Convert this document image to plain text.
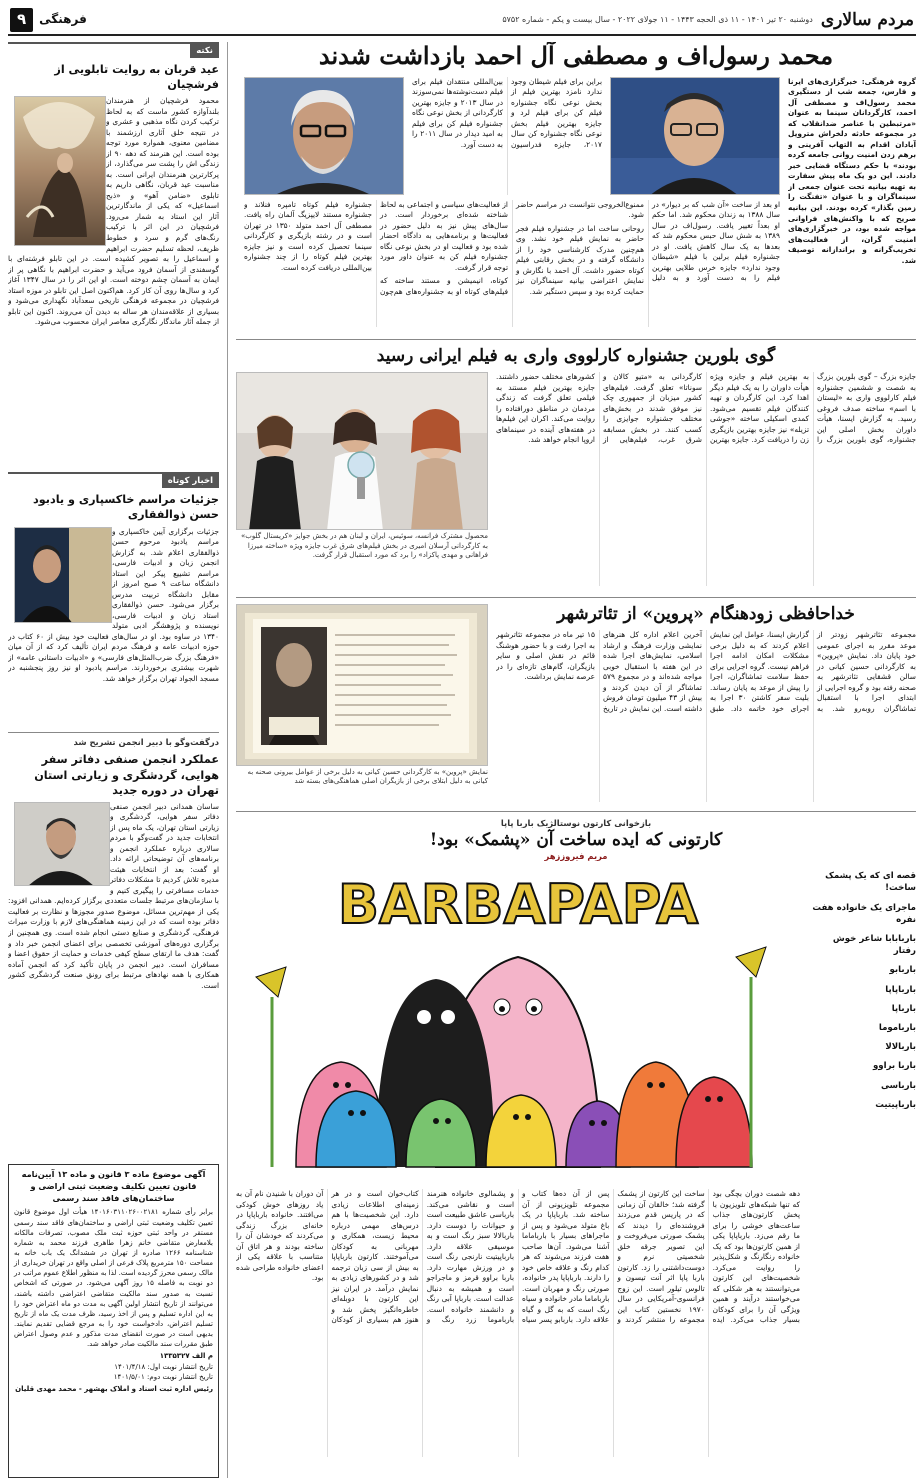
مردم سالاری
دوشنبه ۲۰ تیر ۱۴۰۱ - ۱۱ ذی الحجه ۱۴۴۳ - ۱۱ جولای ۲۰۲۲ - سال بیست و یکم - شماره ۵۷۵۲
فرهنگی
۹
محمد رسول‌اف و مصطفی آل احمد بازداشت شدند

گروه فرهنگی: خبرگزاری‌های ایرنا و فارس، جمعه شب از دستگیری محمد رسول‌اف و مصطفی آل احمد، کارگردانان سینما به عنوان «مرتبطین با عناصر ضدانقلاب که در مجموعه حادثه دلخراش متروپل آبادان اقدام به التهاب آفرینی و برهم زدن امنیت روانی جامعه کرده بودند» با حکم دستگاه قضایی خبر دادند. این دو یک ماه پیش سفارت به تهیه بیانیه تحت عنوان جمعی از سینماگران و با عنوان «تفنگت را زمین بگذار» کرده بودند. این بیانیه صریح که با واکنش‌های فراوانی مواجه شده بود، در خبرگزاری‌های امنیت گران، از فعالیت‌های تخریب‌گرانه و براندازانه توصیف شد.

براین برای فیلم شیطان وجود ندارد نامزد بهترین فیلم از بخش نوعی نگاه جشنواره فیلم کن برای فیلم لرد و جایزه بهترین فیلم بخش نوعی نگاه جشنواره کن سال ۲۰۱۷، جایزه فدراسیون بین‌المللی منتقدان فیلم برای فیلم دست‌نوشته‌ها نمی‌سوزند در سال ۲۰۱۳ و جایزه بهترین کارگردانی از بخش نوعی نگاه جشنواره فیلم کن برای فیلم به امید دیدار در سال ۲۰۱۱ را به دست آورد.

او بعد از ساخت «آن شب که بر دیوار» در سال ۱۳۸۸ به زندان محکوم شد. اما حکم او بعداً تغییر یافت. رسول‌اف در سال ۱۳۸۹ به شش سال حبس محکوم شد که بعدها به یک سال کاهش یافت. او در جشنواره فیلم برلین با فیلم «شیطان وجود ندارد» جایزه خرس طلایی بهترین فیلم را به دست آورد و به دلیل ممنوع‌الخروجی نتوانست در مراسم حاضر شود.

روحانی ساخت اما در جشنواره فیلم فجر حاضر به نمایش فیلم خود نشد. وی هم‌چنین مدرک کارشناسی خود را از دانشگاه گرفته و در بخش رقابتی فیلم کوتاه حضور داشت. آل احمد با نگارش و نمایش اعتراضی بیانیه سینماگران نیز حمایت کرده بود و سپس دستگیر شد.

از فعالیت‌های سیاسی و اجتماعی به لحاظ شناخته شده‌ای برخوردار است. در سال‌های پیش نیز به دلیل حضور در فعالیت‌ها و برنامه‌هایی به دادگاه احضار شده بود و فعالیت او در بخش نوعی نگاه جشنواره فیلم کن به عنوان داور مورد توجه قرار گرفت.

کوتاه، انیمیشن و مستند ساخته که فیلم‌های کوتاه او به جشنواره‌های هم‌چون جشنواره فیلم کوتاه تامپره فنلاند و جشنواره مستند لایپزیگ آلمان راه یافت. مصطفی آل احمد متولد ۱۳۵۰ در تهران است و در رشته بازیگری و کارگردانی سینما تحصیل کرده است و نیز جایزه بهترین فیلم کوتاه را از چند جشنواره بین‌المللی دریافت کرده است.

گوی بلورین جشنواره کارلووی واری به فیلم ایرانی رسید

جایزه بزرگ – گوی بلورین بزرگ به شصت و ششمین جشنواره فیلم کارلووی واری به «لیستان با اسم» ساخته صدف فروغی رسید. به گزارش ایسنا، هیأت داوران بخش اصلی این جشنواره، گوی بلورین بزرگ را به بهترین فیلم و جایزه ویژه هیأت داوران را به یک فیلم دیگر اهدا کرد. این کارگردان و تهیه کنندگان فیلم تقسیم می‌شود. کمدی اسکیلی ساخته «جوشی تزیله» نیز جایزه بهترین بازیگری زن را دریافت کرد. جایزه بهترین کارگردانی به «متیو کالان و سوناتا» تعلق گرفت. فیلم‌های کشور میزبان از جمهوری چک نیز موفق شدند در بخش‌های مختلف جشنواره جوایزی را کسب کنند. در بخش مسابقه شرق غرب، فیلم‌هایی از کشورهای مختلف حضور داشتند. جایزه بهترین فیلم مستند به فیلمی تعلق گرفت که زندگی مردمان در مناطق دورافتاده را روایت می‌کند. اکران این فیلم‌ها در هفته‌های آینده در سینماهای اروپا انجام خواهد شد.

محصول مشترک فرانسه، سوئیس، ایران و لبنان هم در بخش جوایز «کریستال گلوب» به کارگردانی آرسلان امیری در بخش فیلم‌های شرق غرب جایزه ویژه «ساخته میرزا فراهانی و مهدی پاکزاد» را برد که مورد استقبال قرار گرفت.
خداحافظی زودهنگام «پروین» از تئاترشهر

مجموعه تئاترشهر زودتر از موعد مقرر به اجرای عمومی خود پایان داد. نمایش «پروین» به کارگردانی حسین کیانی در سالن قشقایی تئاترشهر به صحنه رفته بود و گروه اجرایی از ابتدای اجرا با استقبال تماشاگران روبه‌رو شد. به گزارش ایسنا، عوامل این نمایش اعلام کردند که به دلیل برخی مشکلات امکان ادامه اجرا فراهم نیست. گروه اجرایی برای حفظ سلامت تماشاگران، اجرا را پیش از موعد به پایان رساند. بلیت سفر کاشتن ۳۰ اجرا به اجرای خود خاتمه داد. طبق آخرین اعلام اداره کل هنرهای نمایشی وزارت فرهنگ و ارشاد اسلامی، نمایش‌های اجرا شده در این هفته با استقبال خوبی مواجه شده‌اند و در مجموع ۵۷۹ تماشاگر از آن دیدن کردند و بیش از ۴۳ میلیون تومان فروش داشته است. این نمایش در تاریخ ۱۵ تیر ماه در مجموعه تئاترشهر به اجرا رفت و با حضور هوشنگ قائم در نقش اصلی و سایر بازیگران، گام‌های تازه‌ای را در عرصه نمایش برداشت.

نمایش «پروین» به کارگردانی حسین کیانی به دلیل برخی از عوامل بیرونی صحنه به کیانی به دلیل ابتلای برخی از بازیگران اصلی هماهنگی‌های بسته شد
بازخوانی کارتون نوستالژیک باربا پاپا
کارتونی که ایده ساخت آن «پشمک» بود!
مریم فیروززهر
قصه ای که یک پشمک ساخت!
ماجرای یک خانواده هفت نفره
باربابابا شاعر خوش رفتار
باربابو
بارباپاپا
بارباپا
بارباموما
باربالالا
باربا براوو
بارباسی
بارباپیتیت
BARBAPAPA

دهه شصت دوران بچگی بود که تنها شبکه‌های تلویزیون با پخش کارتون‌های جذاب ساعت‌های خوشی را برای ما رقم می‌زد. بارباپاپا یکی از همین کارتون‌ها بود که یک خانواده رنگارنگ و شکل‌پذیر را روایت می‌کرد. شخصیت‌های این کارتون می‌توانستند به هر شکلی که می‌خواستند درآیند و همین ویژگی آن را برای کودکان بسیار جذاب می‌کرد. ایده ساخت این کارتون از پشمک گرفته شد؛ خالقان آن زمانی که در پاریس قدم می‌زدند فروشنده‌ای را دیدند که پشمک صورتی می‌فروخت و این تصویر جرقه خلق شخصیتی نرم و دوست‌داشتنی را زد. کارتون باربا پاپا اثر آنت تیسون و تالوس تیلور است. این زوج فرانسوی-آمریکایی در سال ۱۹۷۰ نخستین کتاب این مجموعه را منتشر کردند و پس از آن ده‌ها کتاب و مجموعه تلویزیونی از آن ساخته شد. بارباپاپا در یک باغ متولد می‌شود و پس از ماجراهای بسیار با بارباماما آشنا می‌شود. آن‌ها صاحب هفت فرزند می‌شوند که هر کدام رنگ و علاقه خاص خود را دارند. بارباپاپا پدر خانواده، صورتی رنگ و مهربان است. بارباماما مادر خانواده و سیاه رنگ است که به گل و گیاه علاقه دارد. باربابو پسر سیاه و پشمالوی خانواده هنرمند است و نقاشی می‌کند. بارباسی عاشق طبیعت است و حیوانات را دوست دارد. باربالالا سبز رنگ است و به موسیقی علاقه دارد. بارباپیتیت نارنجی رنگ است و در ورزش مهارت دارد. باربا براوو قرمز و ماجراجو است و همیشه به دنبال عدالت است. بارباپا آبی رنگ و دانشمند خانواده است. بارباموما زرد رنگ و کتاب‌خوان است و در هر زمینه‌ای اطلاعات زیادی دارد. این شخصیت‌ها با هم درس‌های مهمی درباره محیط زیست، همکاری و مهربانی به کودکان می‌آموختند. کارتون بارباپاپا به بیش از سی زبان ترجمه شد و در کشورهای زیادی به نمایش درآمد. در ایران نیز این کارتون با دوبله‌ای خاطره‌انگیز پخش شد و هنوز هم بسیاری از کودکان آن دوران با شنیدن نام آن به یاد روزهای خوش کودکی می‌افتند. خانواده بارباپاپا در خانه‌ای بزرگ زندگی می‌کردند که خودشان آن را ساخته بودند و هر اتاق آن متناسب با علاقه یکی از اعضای خانواده طراحی شده بود.

نکته
عید قربان به روایت تابلویی از فرشچیان
محمود فرشچیان از هنرمندان بلندآوازه کشور ماست که به لحاظ ترکیب کردن نگاه مذهبی و عشری و در نتیجه خلق آثاری ارزشمند با مضامین معنوی، همواره مورد توجه بوده است. این هنرمند که دهه ۹۰ از زندگی اش را پشت سر می‌گذارد، از پرکارترین هنرمندان ایرانی است. به مناسبت عید قربان، نگاهی داریم به تابلوی «ضامن آهو» و «ذبح اسماعیل» که یکی از ماندگارترین آثار این استاد به شمار می‌رود. فرشچیان در این اثر با ترکیب رنگ‌های گرم و سرد و خطوط ظریف، لحظه تسلیم حضرت ابراهیم و اسماعیل را به تصویر کشیده است. در این تابلو فرشته‌ای با گوسفندی از آسمان فرود می‌آید و حضرت ابراهیم با نگاهی پر از ایمان به آسمان چشم دوخته است. او این اثر را در سال ۱۳۴۷ آغاز کرد و سال‌ها روی آن کار کرد. هم‌اکنون اصل این تابلو در موزه استاد فرشچیان در مجموعه فرهنگی تاریخی سعدآباد نگهداری می‌شود و بسیاری از علاقه‌مندان هر ساله به دیدن آن می‌روند. اکنون این تابلو از جمله آثار ماندگار نگارگری معاصر ایران محسوب می‌شود.
اخبار کوتاه
جزئیات مراسم خاکسپاری و یادبود حسن ذوالفقاری
جزئیات برگزاری آیین خاکسپاری و مراسم یادبود مرحوم حسن ذوالفقاری اعلام شد. به گزارش انجمن زبان و ادبیات فارسی، مراسم تشییع پیکر این استاد دانشگاه ساعت ۹ صبح امروز از مقابل دانشگاه تربیت مدرس برگزار می‌شود. حسن ذوالفقاری استاد زبان و ادبیات فارسی، نویسنده و پژوهشگر ادبی متولد ۱۳۴۰ در ساوه بود. او در سال‌های فعالیت خود بیش از ۶۰ کتاب در حوزه ادبیات عامه و فرهنگ مردم ایران تألیف کرد که از آن میان «فرهنگ بزرگ ضرب‌المثل‌های فارسی» و «ادبیات داستانی عامه» از شهرت بیشتری برخوردارند. مراسم یادبود او نیز روز پنجشنبه در مسجد الجواد تهران برگزار خواهد شد.
درگفت‌وگو با دبیر انجمن تشریح شد
عملکرد انجمن صنفی دفاتر سفر هوایی، گردشگری و زیارتی استان تهران در دوره جدید
ساسان همدانی دبیر انجمن صنفی دفاتر سفر هوایی، گردشگری و زیارتی استان تهران، یک ماه پس از انتخابات جدید در گفت‌وگو با مردم سالاری درباره عملکرد انجمن و برنامه‌های آن توضیحاتی ارائه داد. او گفت: بعد از انتخابات هیئت مدیره تلاش کردیم تا مشکلات دفاتر خدمات مسافرتی را پیگیری کنیم و با سازمان‌های مرتبط جلسات متعددی برگزار کرده‌ایم. همدانی افزود: یکی از مهم‌ترین مسائل، موضوع صدور مجوزها و نظارت بر فعالیت دفاتر بوده است که در این زمینه هماهنگی‌های لازم با وزارت میراث فرهنگی، گردشگری و صنایع دستی انجام شده است. وی همچنین از برگزاری دوره‌های آموزشی تخصصی برای اعضای انجمن خبر داد و گفت: هدف ما ارتقای سطح کیفی خدمات و حمایت از حقوق اعضا و مسافران است. دبیر انجمن در پایان تأکید کرد که انجمن آماده همکاری با همه نهادهای مرتبط برای رونق صنعت گردشگری کشور است.
آگهی موضوع ماده ۳ قانون و ماده ۱۳ آیین‌نامه قانون تعیین تکلیف وضعیت ثبتی اراضی و ساختمان‌های فاقد سند رسمی

برابر رأی شماره ۱۴۰۱۶۰۳۱۱۰۲۶۰۰۲۱۸۱ هیأت اول موضوع قانون تعیین تکلیف وضعیت ثبتی اراضی و ساختمان‌های فاقد سند رسمی مستقر در واحد ثبتی حوزه ثبت ملک مصوب، تصرفات مالکانه بلامعارض متقاضی خانم زهرا طاهری فرزند محمد به شماره شناسنامه ۱۲۶۶ صادره از تهران در ششدانگ یک باب خانه به مساحت ۱۵۰ مترمربع پلاک فرعی از اصلی واقع در تهران خریداری از مالک رسمی محرز گردیده است. لذا به منظور اطلاع عموم مراتب در دو نوبت به فاصله ۱۵ روز آگهی می‌شود. در صورتی که اشخاص نسبت به صدور سند مالکیت متقاضی اعتراضی داشته باشند، می‌توانند از تاریخ انتشار اولین آگهی به مدت دو ماه اعتراض خود را به این اداره تسلیم و پس از اخذ رسید، ظرف مدت یک ماه از تاریخ تسلیم اعتراض، دادخواست خود را به مرجع قضایی تقدیم نمایند. بدیهی است در صورت انقضای مدت مذکور و عدم وصول اعتراض طبق مقررات سند مالکیت صادر خواهد شد.

م الف ۱۳۳۵۳۲۷
تاریخ انتشار نوبت اول: ۱۴۰۱/۴/۱۸
تاریخ انتشار نوبت دوم: ۱۴۰۱/۵/۰۱
رئیس اداره ثبت اسناد و املاک بهشهر - محمد مهدی قلیان
